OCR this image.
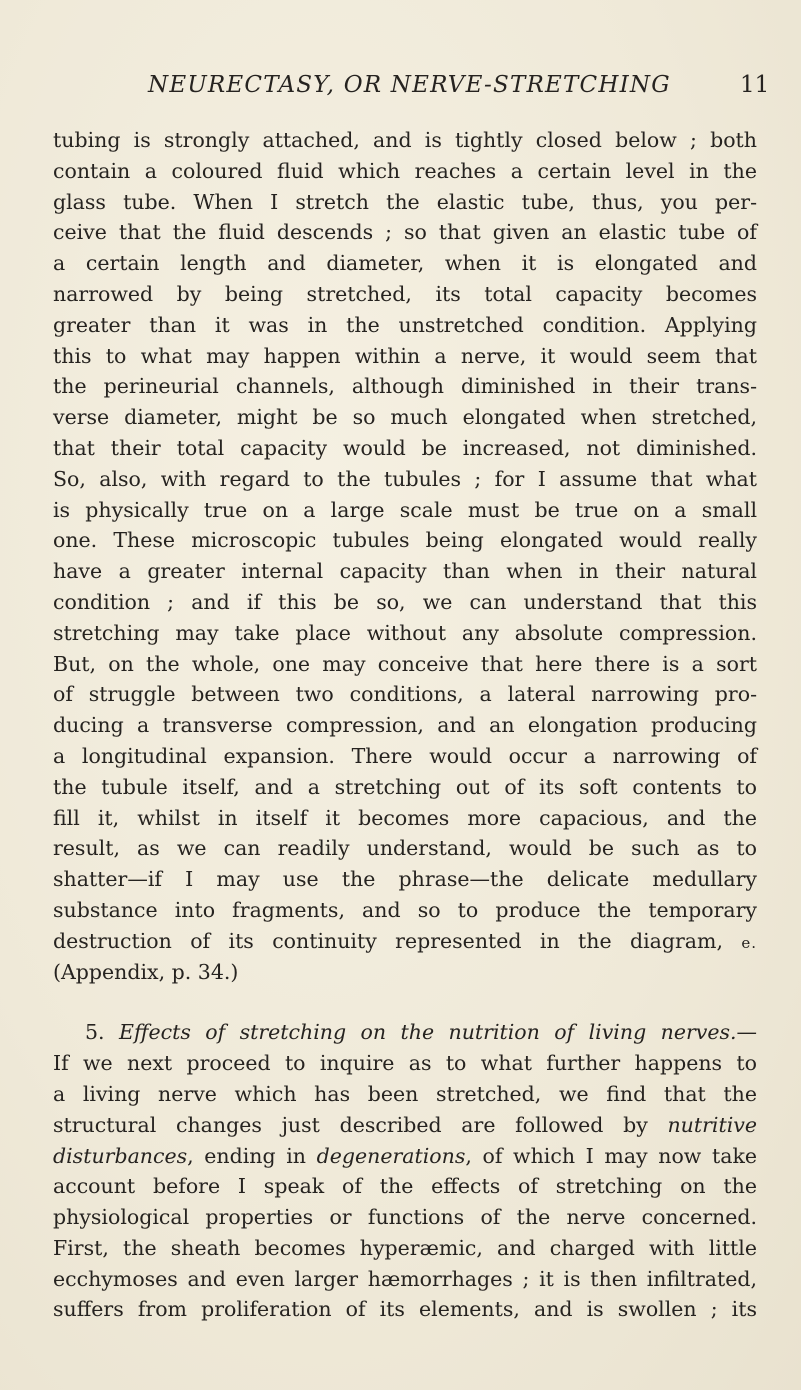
NEURECTASY, OR NERVE-STRETCHING	11
tubing is strongly attached, and is tightly closed below ; both
contain a coloured fluid which reaches a certain level in the
glass tube. When I stretch the elastic tube, thus, you per-
ceive that the fluid descends ; so that given an elastic tube of
a certain length and diameter, when it is elongated and
narrowed by being stretched, its total capacity becomes
greater than it was in the unstretched condition. Applying
this to what may happen within a nerve, it would seem that
the perineurial channels, although diminished in their trans-
verse diameter, might be so much elongated when stretched,
that their total capacity would be increased, not diminished.
So, also, with regard to the tubules ; for I assume that what
is physically true on a large scale must be true on a small
one. These microscopic tubules being elongated would really
have a greater internal capacity than when in their natural
condition ; and if this be so, we can understand that this
stretching may take place without any absolute compression.
But, on the whole, one may conceive that here there is a sort
of struggle between two conditions, a lateral narrowing pro-
ducing a transverse compression, and an elongation producing
a longitudinal expansion. There would occur a narrowing of
the tubule itself, and a stretching out of its soft contents to
fill it, whilst in itself it becomes more capacious, and the
result, as we can readily understand, would be such as to
shatter—if I may use the phrase—the delicate medullary
substance into fragments, and so to produce the temporary
destruction of its continuity represented in the diagram, e.
(Appendix, p. 34.)
5. Effects of stretching on the nutrition of living nerves.—
If we next proceed to inquire as to what further happens to
a living nerve which has been stretched, we find that the
structural changes just described are followed by nutritive
disturbances, ending in degenerations, of which I may now take
account before I speak of the effects of stretching on the
physiological properties or functions of the nerve concerned.
First, the sheath becomes hyperæmic, and charged with little
ecchymoses and even larger hæmorrhages ; it is then infiltrated,
suffers from proliferation of its elements, and is swollen ; its
